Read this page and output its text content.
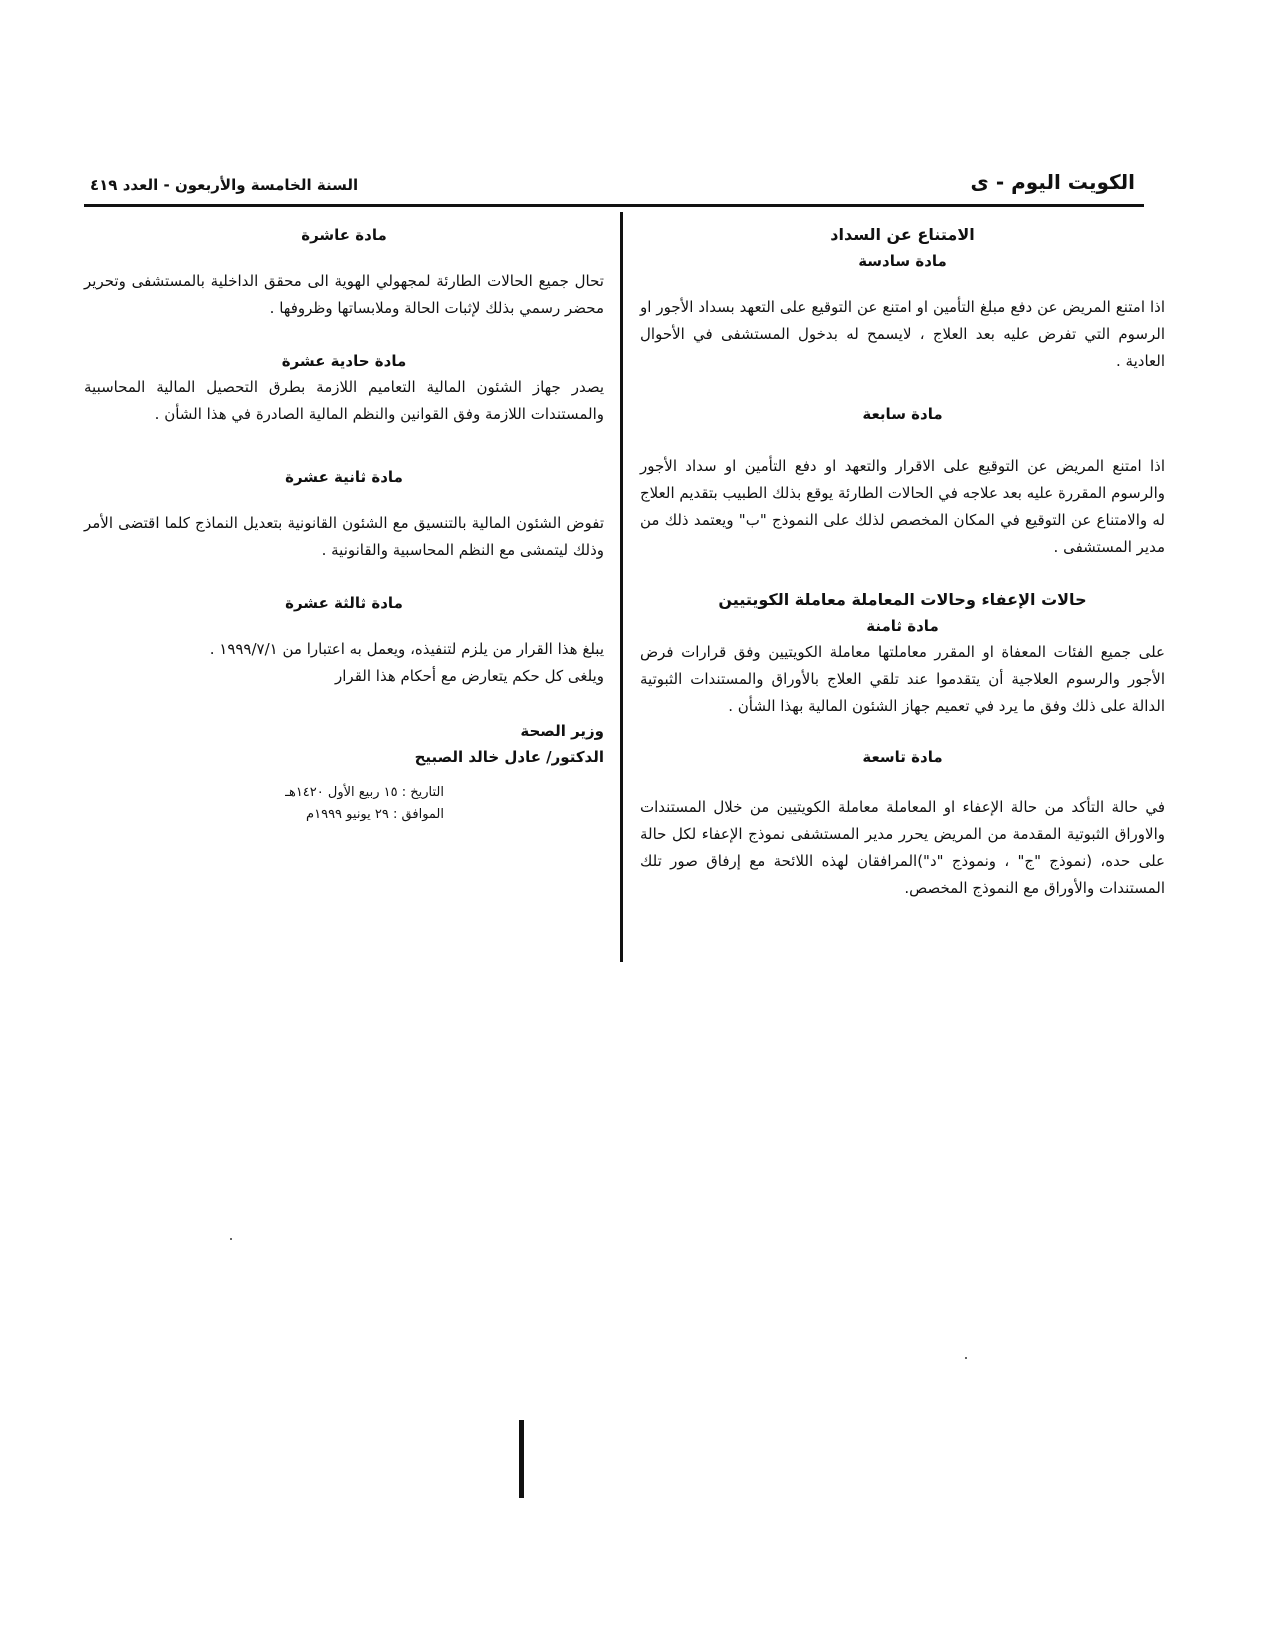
الكويت اليوم - ى
السنة الخامسة والأربعون - العدد ٤١٩
الامتناع عن السداد
مادة سادسة

اذا امتنع المريض عن دفع مبلغ التأمين او امتنع عن التوقيع على التعهد بسداد الأجور او الرسوم التي تفرض عليه بعد العلاج ، لايسمح له بدخول المستشفى في الأحوال العادية .

مادة سابعة

اذا امتنع المريض عن التوقيع على الاقرار والتعهد او دفع التأمين او سداد الأجور والرسوم المقررة عليه بعد علاجه في الحالات الطارئة يوقع بذلك الطبيب بتقديم العلاج له والامتناع عن التوقيع في المكان المخصص لذلك على النموذج "ب" ويعتمد ذلك من مدير المستشفى .

حالات الإعفاء وحالات المعاملة معاملة الكويتيين
مادة ثامنة

على جميع الفئات المعفاة او المقرر معاملتها معاملة الكويتيين وفق قرارات فرض الأجور والرسوم العلاجية أن يتقدموا عند تلقي العلاج بالأوراق والمستندات الثبوتية الدالة على ذلك وفق ما يرد في تعميم جهاز الشئون المالية بهذا الشأن .

مادة تاسعة

في حالة التأكد من حالة الإعفاء او المعاملة معاملة الكويتيين من خلال المستندات والاوراق الثبوتية المقدمة من المريض يحرر مدير المستشفى نموذج الإعفاء لكل حالة على حده، (نموذج "ج" ، ونموذج "د")المرافقان لهذه اللائحة مع إرفاق صور تلك المستندات والأوراق مع النموذج المخصص.

مادة عاشرة

تحال جميع الحالات الطارئة لمجهولي الهوية الى محقق الداخلية بالمستشفى وتحرير محضر رسمي بذلك لإثبات الحالة وملابساتها وظروفها .

مادة حادية عشرة

يصدر جهاز الشئون المالية التعاميم اللازمة بطرق التحصيل المالية المحاسبية والمستندات اللازمة وفق القوانين والنظم المالية الصادرة في هذا الشأن .

مادة ثانية عشرة

تفوض الشئون المالية بالتنسيق مع الشئون القانونية بتعديل النماذج كلما اقتضى الأمر وذلك ليتمشى مع النظم المحاسبية والقانونية .

مادة ثالثة عشرة

يبلغ هذا القرار من يلزم لتنفيذه، ويعمل به اعتبارا من ١٩٩٩/٧/١ .

ويلغى كل حكم يتعارض مع أحكام هذا القرار

وزير الصحة
الدكتور/ عادل خالد الصبيح
التاريخ : ١٥ ربيع الأول ١٤٢٠هـ
الموافق : ٢٩ يونيو ١٩٩٩م
